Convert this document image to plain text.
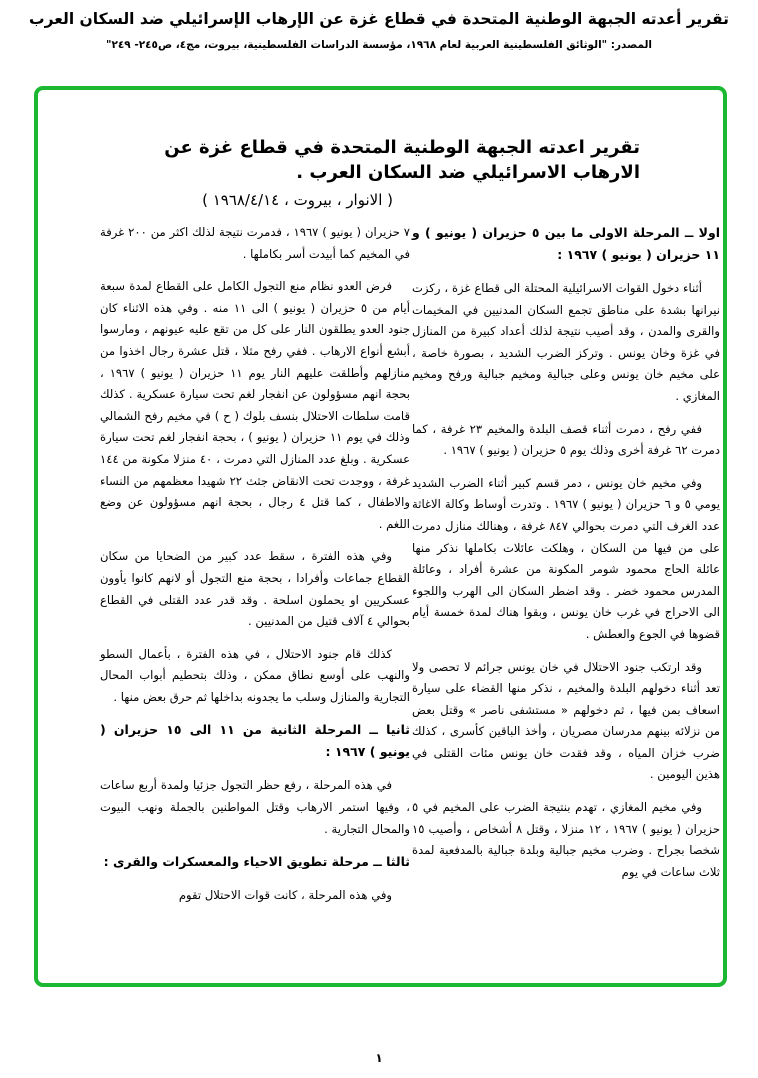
تقرير أعدته الجبهة الوطنية المتحدة في قطاع غزة عن الإرهاب الإسرائيلي ضد السكان العرب
المصدر: "الوثائق الفلسطينية العربية لعام ١٩٦٨، مؤسسة الدراسات الفلسطينية، بيروت، مج٤، ص٢٤٥- ٢٤٩"
تقرير اعدته الجبهة الوطنية المتحدة في قطاع غزة عن الارهاب الاسرائيلي ضد السكان العرب .
( الانوار ، بيروت ، ١٩٦٨/٤/١٤ )
اولا ــ المرحلة الاولى ما بين ٥ حزيران ( يونيو ) و ١١ حزيران ( يونيو ) ١٩٦٧ :

أثناء دخول القوات الاسرائيلية المحتلة الى قطاع غزة ، ركزت نيرانها بشدة على مناطق تجمع السكان المدنيين في المخيمات والقرى والمدن ، وقد أصيب نتيجة لذلك أعداد كبيرة من المنازل في غزة وخان يونس . وتركز الضرب الشديد ، بصورة خاصة ، على مخيم خان يونس وعلى جبالية ومخيم جبالية ورفح ومخيم المغازي .

ففي رفح ، دمرت أثناء قصف البلدة والمخيم ٢٣ غرفة ، كما دمرت ٦٢ غرفة أخرى وذلك يوم ٥ حزيران ( يونيو ) ١٩٦٧ .

وفي مخيم خان يونس ، دمر قسم كبير أثناء الضرب الشديد يومي ٥ و ٦ حزيران ( يونيو ) ١٩٦٧ . وتدرت أوساط وكالة الاغاثة عدد الغرف التي دمرت بحوالي ٨٤٧ غرفة ، وهنالك منازل دمرت على من فيها من السكان ، وهلكت عائلات بكاملها نذكر منها عائلة الحاج محمود شومر المكونة من عشرة أفراد ، وعائلة المدرس محمود خضر . وقد اضطر السكان الى الهرب واللجوء الى الاحراج في غرب خان يونس ، وبقوا هناك لمدة خمسة أيام قضوها في الجوع والعطش .

وقد ارتكب جنود الاحتلال في خان يونس جرائم لا تحصى ولا تعد أثناء دخولهم البلدة والمخيم ، نذكر منها القضاء على سيارة اسعاف بمن فيها ، ثم دخولهم « مستشفى ناصر » وقتل بعض من نزلائه بينهم مدرسان مصريان ، وأخذ الباقين كأسرى ، كذلك ضرب خزان المياه ، وقد فقدت خان يونس مئات القتلى في هذين اليومين .

وفي مخيم المغازي ، تهدم بنتيجة الضرب على المخيم في ٥ حزيران ( يونيو ) ١٩٦٧ ، ١٢ منزلا ، وقتل ٨ أشخاص ، وأصيب ١٥ شخصا بجراح . وضرب مخيم جبالية وبلدة جبالية بالمدفعية لمدة ثلاث ساعات في يوم

٧ حزيران ( يونيو ) ١٩٦٧ ، فدمرت نتيجة لذلك اكثر من ٢٠٠ غرفة في المخيم كما أبيدت أسر بكاملها .

فرض العدو نظام منع التجول الكامل على القطاع لمدة سبعة أيام من ٥ حزيران ( يونيو ) الى ١١ منه . وفي هذه الاثناء كان جنود العدو يطلقون النار على كل من تقع عليه عيونهم ، ومارسوا أبشع أنواع الارهاب . ففي رفح مثلا ، قتل عشرة رجال اخذوا من منازلهم وأطلقت عليهم النار يوم ١١ حزيران ( يونيو ) ١٩٦٧ ، بحجة انهم مسؤولون عن انفجار لغم تحت سيارة عسكرية . كذلك قامت سلطات الاحتلال بنسف بلوك ( ح ) في مخيم رفح الشمالي وذلك في يوم ١١ حزيران ( يونيو ) ، بحجة انفجار لغم تحت سيارة عسكرية . وبلغ عدد المنازل التي دمرت ، ٤٠ منزلا مكونة من ١٤٤ غرفة ، ووجدت تحت الانقاض جثث ٢٢ شهيدا معظمهم من النساء والاطفال ، كما قتل ٤ رجال ، بحجة انهم مسؤولون عن وضع اللغم .

وفي هذه الفترة ، سقط عدد كبير من الضحايا من سكان القطاع جماعات وأفرادا ، بحجة منع التجول أو لانهم كانوا يأوون عسكريين او يحملون اسلحة . وقد قدر عدد القتلى في القطاع بحوالي ٤ آلاف قتيل من المدنيين .

كذلك قام جنود الاحتلال ، في هذه الفترة ، بأعمال السطو والنهب على أوسع نطاق ممكن ، وذلك بتحطيم أبواب المحال التجارية والمنازل وسلب ما يجدونه بداخلها ثم حرق بعض منها .

ثانيا ــ المرحلة الثانية من ١١ الى ١٥ حزيران ( يونيو ) ١٩٦٧ :

في هذه المرحلة ، رفع حظر التجول جزئيا ولمدة أربع ساعات ، وفيها استمر الارهاب وقتل المواطنين بالجملة ونهب البيوت والمحال التجارية .

ثالثا ــ مرحلة تطويق الاحياء والمعسكرات والقرى :

وفي هذه المرحلة ، كانت قوات الاحتلال تقوم

١
